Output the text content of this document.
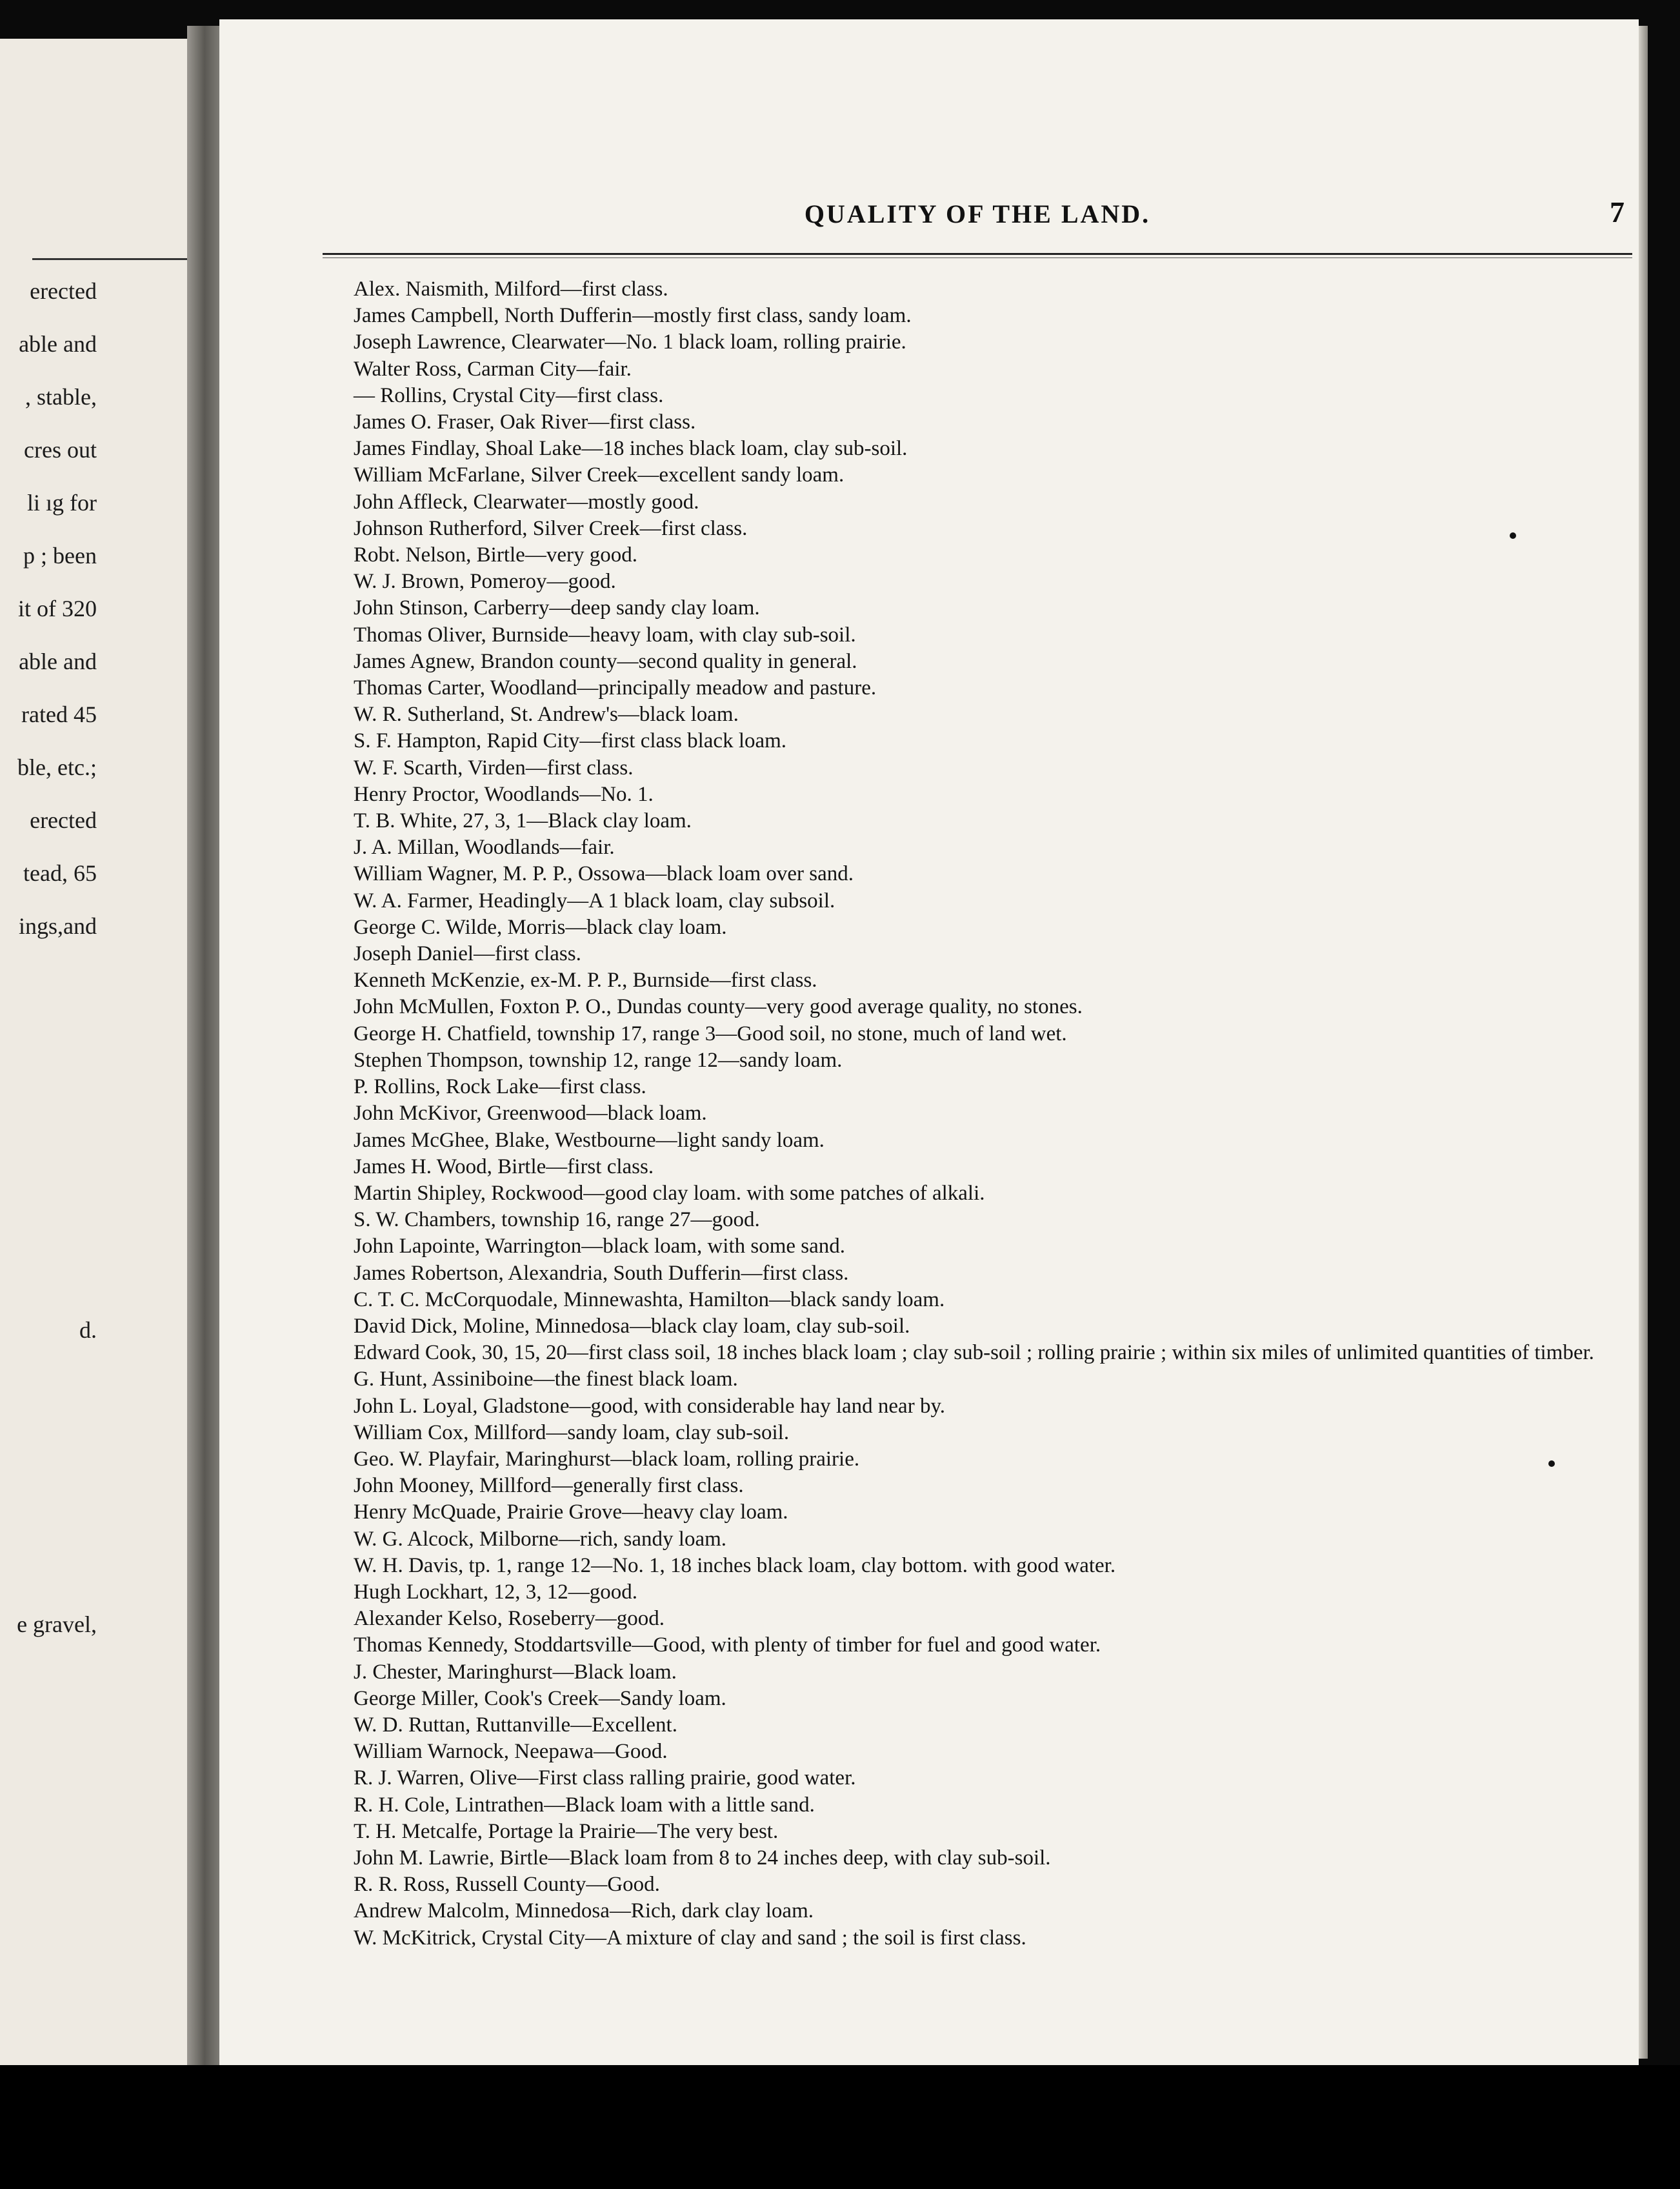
erected
able and
, stable,
cres out
li ıg for
p ; been
it of 320
able and
rated 45
ble, etc.;
erected
tead, 65
ings,and
d.
e gravel,
QUALITY OF THE LAND.	7
Alex. Naismith, Milford—first class.
James Campbell, North Dufferin—mostly first class, sandy loam.
Joseph Lawrence, Clearwater—No. 1 black loam, rolling prairie.
Walter Ross, Carman City—fair.
— Rollins, Crystal City—first class.
James O. Fraser, Oak River—first class.
James Findlay, Shoal Lake—18 inches black loam, clay sub-soil.
William McFarlane, Silver Creek—excellent sandy loam.
John Affleck, Clearwater—mostly good.
Johnson Rutherford, Silver Creek—first class.
Robt. Nelson, Birtle—very good.
W. J. Brown, Pomeroy—good.
John Stinson, Carberry—deep sandy clay loam.
Thomas Oliver, Burnside—heavy loam, with clay sub-soil.
James Agnew, Brandon county—second quality in general.
Thomas Carter, Woodland—principally meadow and pasture.
W. R. Sutherland, St. Andrew's—black loam.
S. F. Hampton, Rapid City—first class black loam.
W. F. Scarth, Virden—first class.
Henry Proctor, Woodlands—No. 1.
T. B. White, 27, 3, 1—Black clay loam.
J. A. Millan, Woodlands—fair.
William Wagner, M. P. P., Ossowa—black loam over sand.
W. A. Farmer, Headingly—A 1 black loam, clay subsoil.
George C. Wilde, Morris—black clay loam.
Joseph Daniel—first class.
Kenneth McKenzie, ex-M. P. P., Burnside—first class.
John McMullen, Foxton P. O., Dundas county—very good average quality, no stones.
George H. Chatfield, township 17, range 3—Good soil, no stone, much of land wet.
Stephen Thompson, township 12, range 12—sandy loam.
P. Rollins, Rock Lake—first class.
John McKivor, Greenwood—black loam.
James McGhee, Blake, Westbourne—light sandy loam.
James H. Wood, Birtle—first class.
Martin Shipley, Rockwood—good clay loam. with some patches of alkali.
S. W. Chambers, township 16, range 27—good.
John Lapointe, Warrington—black loam, with some sand.
James Robertson, Alexandria, South Dufferin—first class.
C. T. C. McCorquodale, Minnewashta, Hamilton—black sandy loam.
David Dick, Moline, Minnedosa—black clay loam, clay sub-soil.
Edward Cook, 30, 15, 20—first class soil, 18 inches black loam ; clay sub-soil ; rolling prairie ; within six miles of unlimited quantities of timber.
G. Hunt, Assiniboine—the finest black loam.
John L. Loyal, Gladstone—good, with considerable hay land near by.
William Cox, Millford—sandy loam, clay sub-soil.
Geo. W. Playfair, Maringhurst—black loam, rolling prairie.
John Mooney, Millford—generally first class.
Henry McQuade, Prairie Grove—heavy clay loam.
W. G. Alcock, Milborne—rich, sandy loam.
W. H. Davis, tp. 1, range 12—No. 1, 18 inches black loam, clay bottom. with good water.
Hugh Lockhart, 12, 3, 12—good.
Alexander Kelso, Roseberry—good.
Thomas Kennedy, Stoddartsville—Good, with plenty of timber for fuel and good water.
J. Chester, Maringhurst—Black loam.
George Miller, Cook's Creek—Sandy loam.
W. D. Ruttan, Ruttanville—Excellent.
William Warnock, Neepawa—Good.
R. J. Warren, Olive—First class ralling prairie, good water.
R. H. Cole, Lintrathen—Black loam with a little sand.
T. H. Metcalfe, Portage la Prairie—The very best.
John M. Lawrie, Birtle—Black loam from 8 to 24 inches deep, with clay sub-soil.
R. R. Ross, Russell County—Good.
Andrew Malcolm, Minnedosa—Rich, dark clay loam.
W. McKitrick, Crystal City—A mixture of clay and sand ; the soil is first class.
